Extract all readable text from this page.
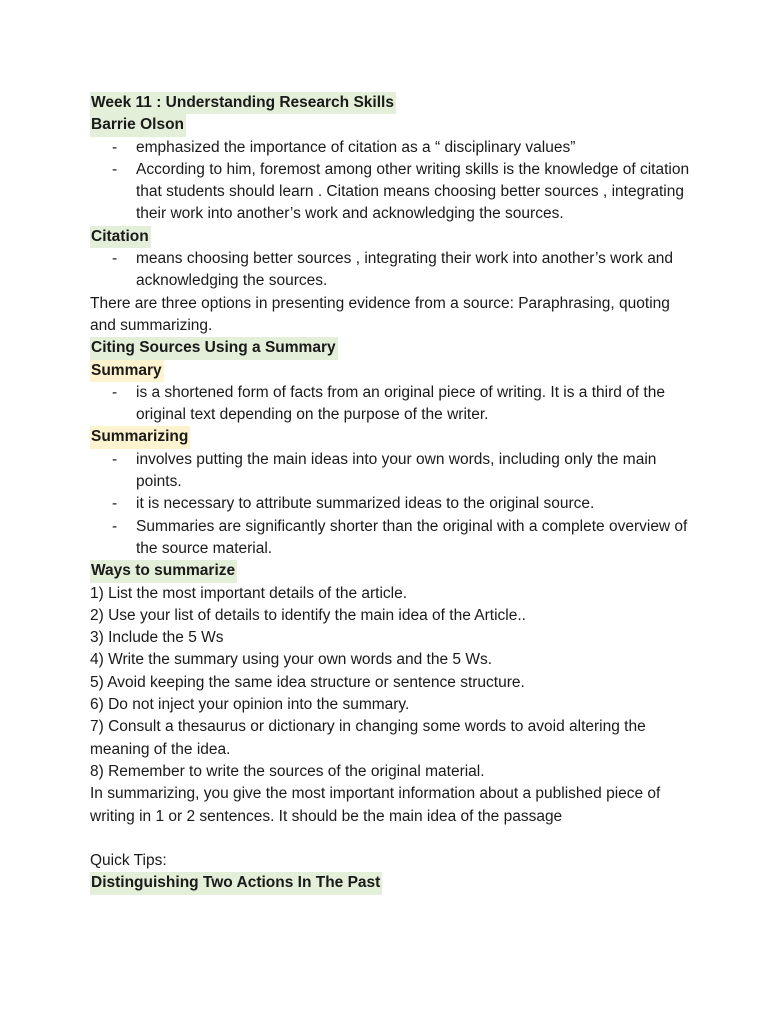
Week 11 : Understanding Research Skills
Barrie Olson
- emphasized the importance of citation as a “ disciplinary values”
- According to him, foremost among other writing skills is the knowledge of citation that students should learn . Citation means choosing better sources , integrating their work into another’s work and acknowledging the sources.
Citation
- means choosing better sources , integrating their work into another’s work and acknowledging the sources.
There are three options in presenting evidence from a source: Paraphrasing, quoting and summarizing.
Citing Sources Using a Summary
Summary
- is a shortened form of facts from an original piece of writing. It is a third of the original text depending on the purpose of the writer.
Summarizing
- involves putting the main ideas into your own words, including only the main points.
- it is necessary to attribute summarized ideas to the original source.
- Summaries are significantly shorter than the original with a complete overview of the source material.
Ways to summarize
1) List the most important details of the article.
2) Use your list of details to identify the main idea of the Article..
3) Include the 5 Ws
4) Write the summary using your own words and the 5 Ws.
5) Avoid keeping the same idea structure or sentence structure.
6) Do not inject your opinion into the summary.
7) Consult a thesaurus or dictionary in changing some words to avoid altering the meaning of the idea.
8) Remember to write the sources of the original material.
In summarizing, you give the most important information about a published piece of writing in 1 or 2 sentences. It should be the main idea of the passage
Quick Tips:
Distinguishing Two Actions In The Past
